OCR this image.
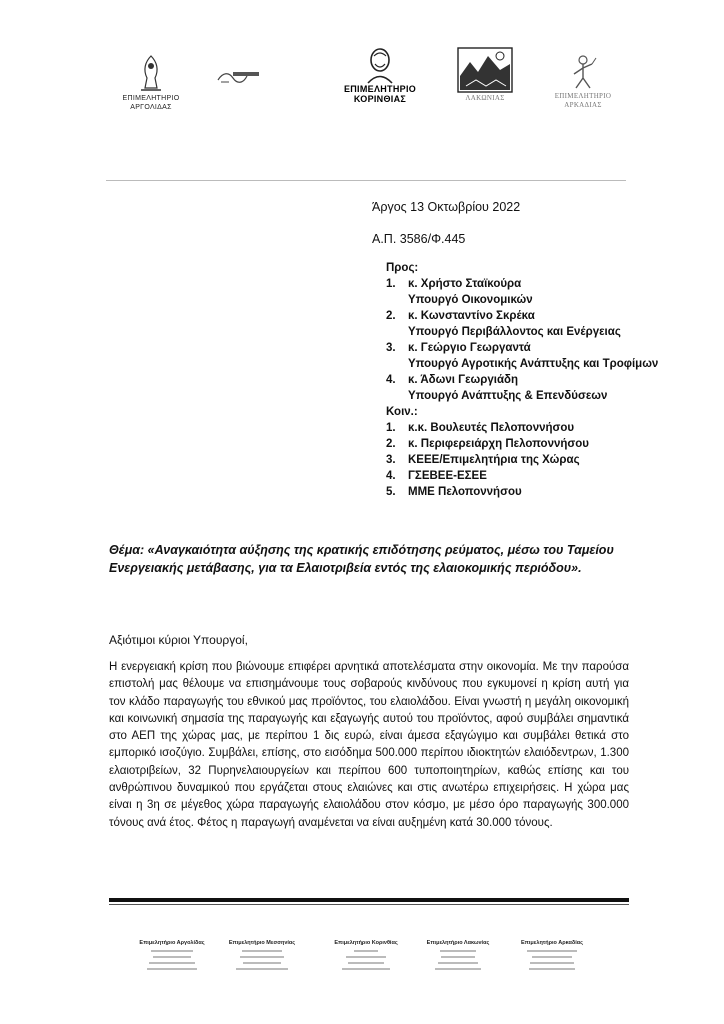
ΕΠΙΜΕΛΗΤΗΡΙΟ
ΑΡΓΟΛΙΔΑΣ
ΕΠΙΜΕΛΗΤΗΡΙΟ
ΚΟΡΙΝΘΙΑΣ	ΛΑΚΩΝΙΑΣ	ΕΠΙΜΕΛΗΤΗΡΙΟ
ΑΡΚΑΔΙΑΣ
Άργος 13 Οκτωβρίου 2022
Α.Π. 3586/Φ.445
Προς:
1.	κ. Χρήστο Σταϊκούρα
Υπουργό Οικονομικών
2.	κ. Κωνσταντίνο Σκρέκα
Υπουργό Περιβάλλοντος και Ενέργειας
3.	κ. Γεώργιο Γεωργαντά
Υπουργό Αγροτικής Ανάπτυξης και Τροφίμων
4.	κ. Άδωνι Γεωργιάδη
Υπουργό Ανάπτυξης & Επενδύσεων
Κοιν.:
1.	κ.κ. Βουλευτές Πελοποννήσου
2.	κ. Περιφερειάρχη Πελοποννήσου
3.	ΚΕΕΕ/Επιμελητήρια της Χώρας
4.	ΓΣΕΒΕΕ-ΕΣΕΕ
5.	ΜΜΕ Πελοποννήσου
Θέμα: «Αναγκαιότητα αύξησης της κρατικής επιδότησης ρεύματος, μέσω του Ταμείου Ενεργειακής μετάβασης, για τα Ελαιοτριβεία εντός της ελαιοκομικής περιόδου».
Αξιότιμοι κύριοι Υπουργοί,
Η ενεργειακή κρίση που βιώνουμε επιφέρει αρνητικά αποτελέσματα στην οικονομία. Με την παρούσα επιστολή μας θέλουμε να επισημάνουμε τους σοβαρούς κινδύνους που εγκυμονεί η κρίση αυτή για τον κλάδο παραγωγής του εθνικού μας προϊόντος, του ελαιολάδου. Είναι γνωστή η μεγάλη οικονομική και κοινωνική σημασία της παραγωγής και εξαγωγής αυτού του προϊόντος, αφού συμβάλει σημαντικά στο ΑΕΠ της χώρας μας, με περίπου 1 δις ευρώ, είναι άμεσα εξαγώγιμο και συμβάλει θετικά στο εμπορικό ισοζύγιο. Συμβάλει, επίσης, στο εισόδημα 500.000 περίπου ιδιοκτητών ελαιόδεντρων, 1.300 ελαιοτριβείων, 32 Πυρηνελαιουργείων και περίπου 600 τυποποιητηρίων, καθώς επίσης και του ανθρώπινου δυναμικού που εργάζεται στους ελαιώνες και στις ανωτέρω επιχειρήσεις. Η χώρα μας είναι η 3η σε μέγεθος χώρα παραγωγής ελαιολάδου στον κόσμο, με μέσο όρο παραγωγής 300.000 τόνους ανά έτος. Φέτος η παραγωγή αναμένεται να είναι αυξημένη κατά 30.000 τόνους.
Επιμελητήριο Αργολίδας	Επιμελητήριο Μεσσηνίας	Επιμελητήριο Κορινθίας	Επιμελητήριο Λακωνίας	Επιμελητήριο Αρκαδίας
